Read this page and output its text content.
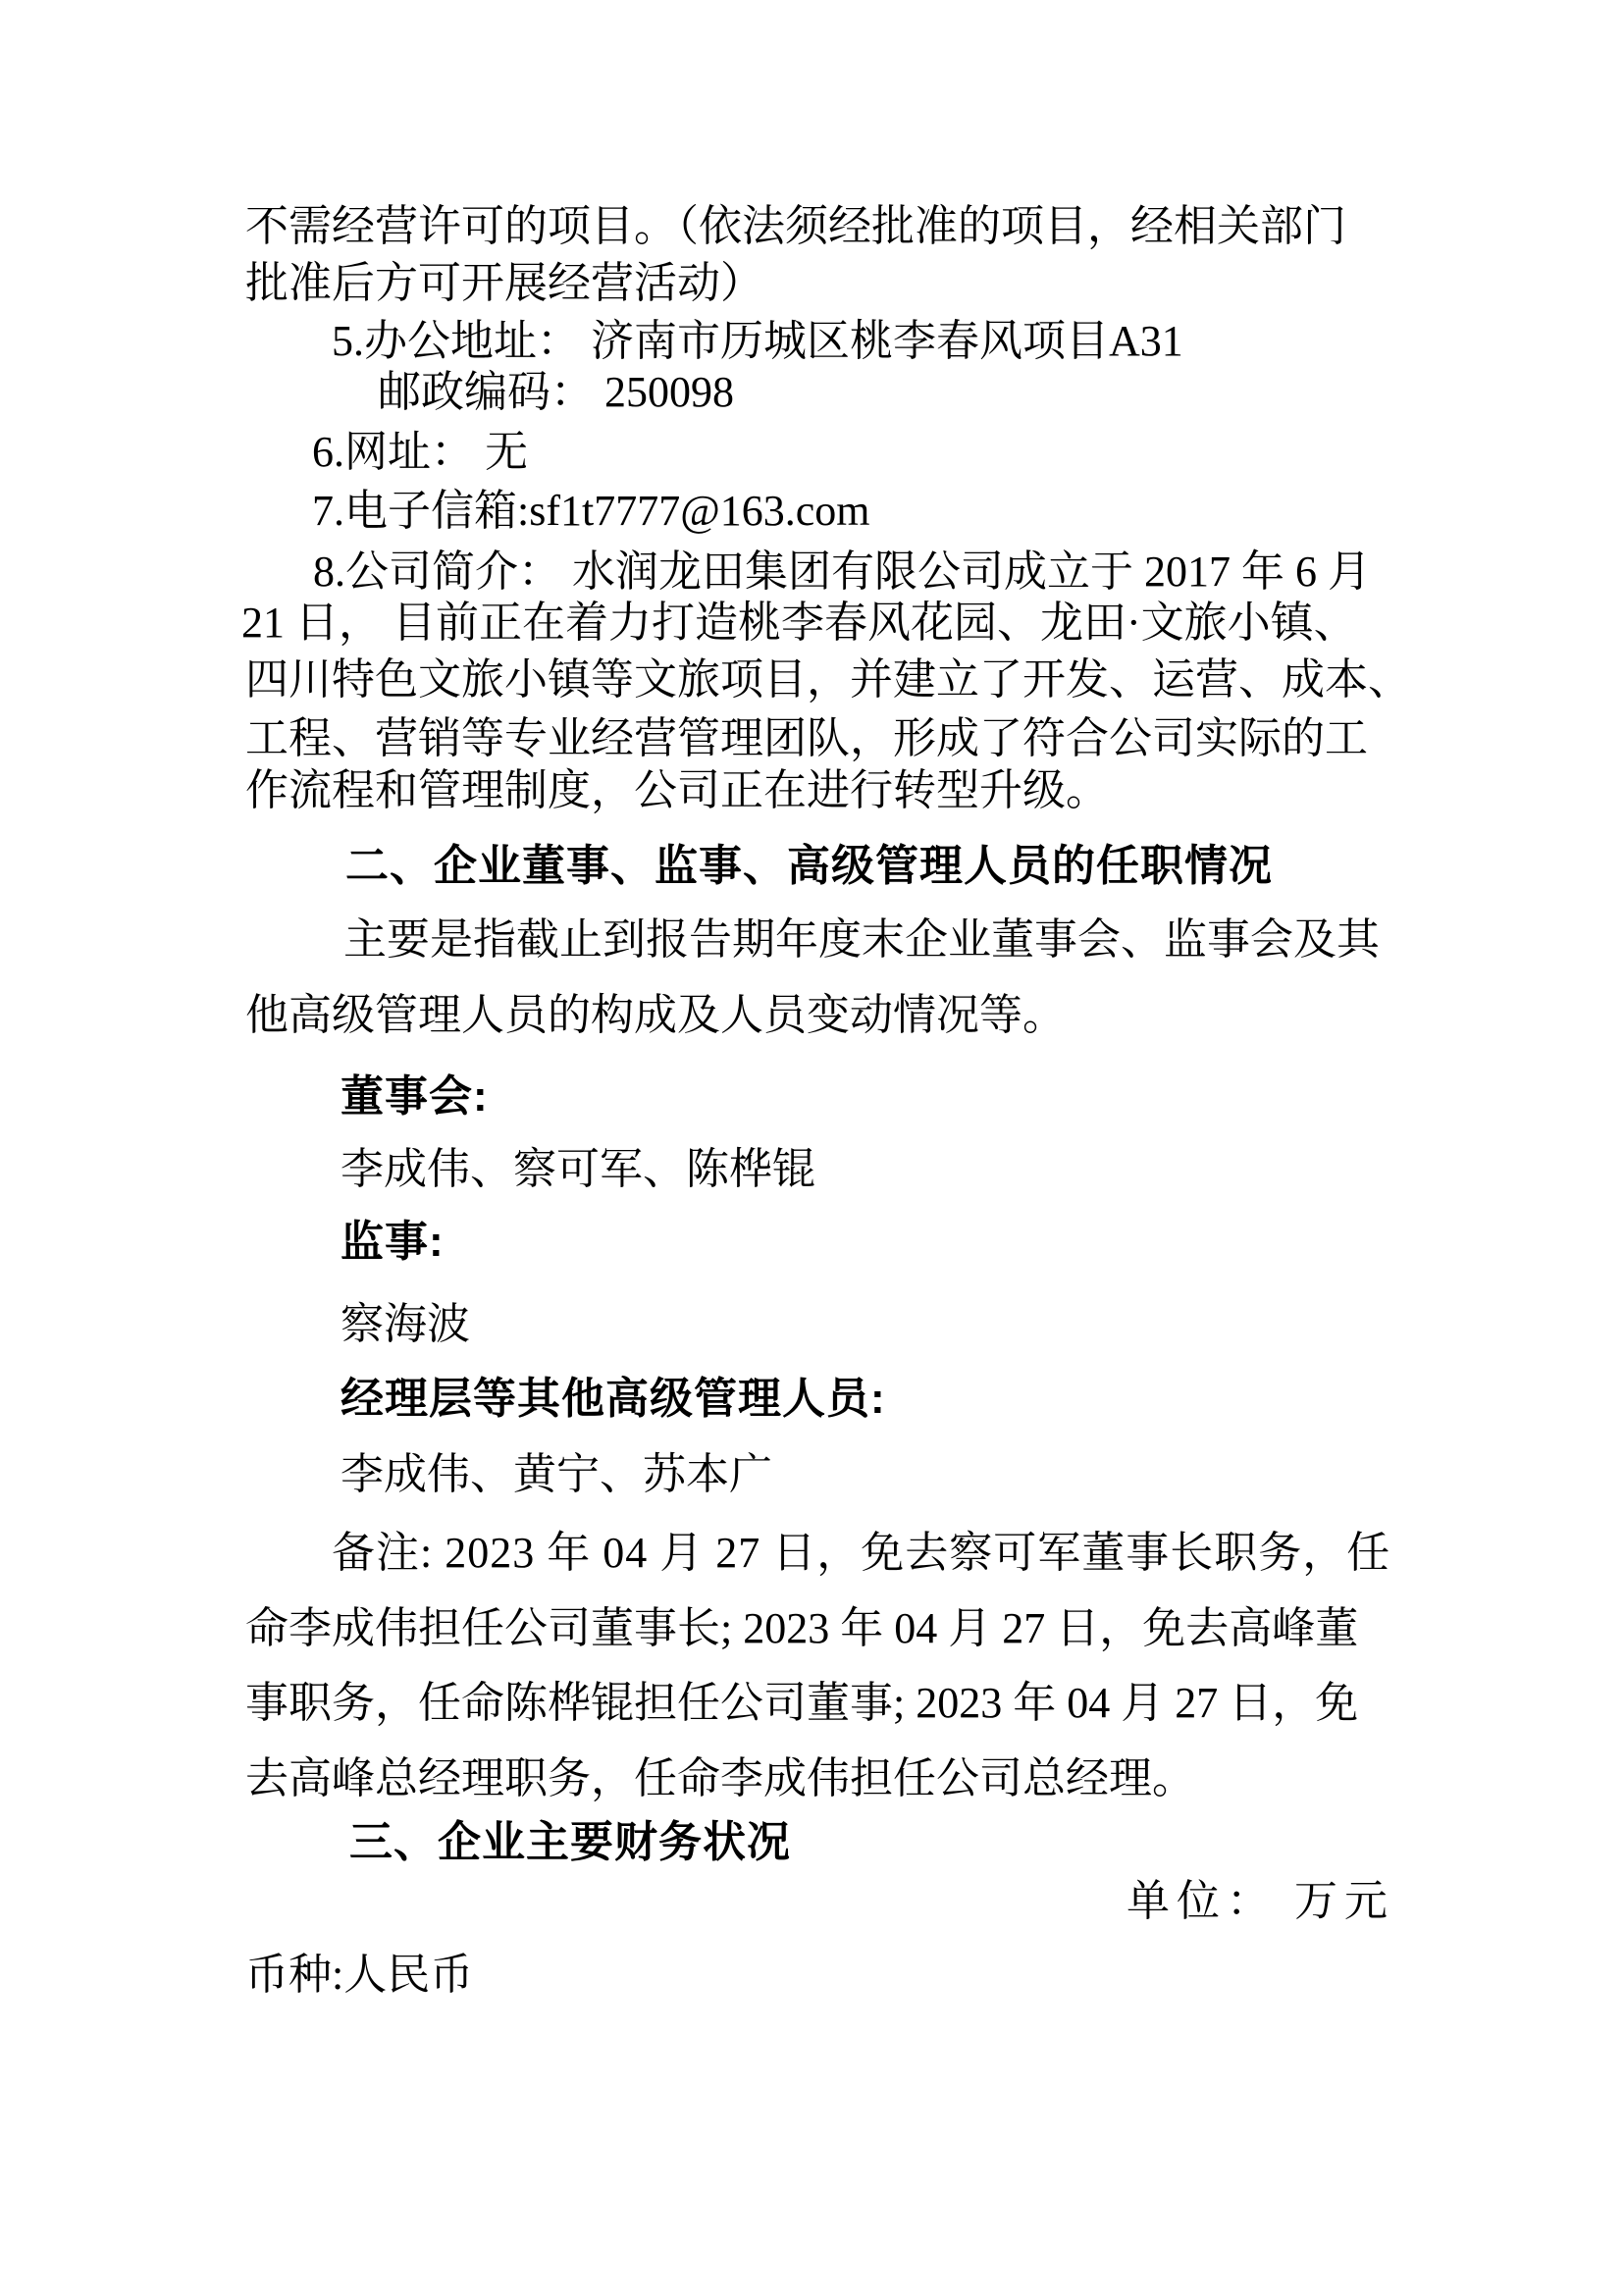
不需经营许可的项目。（依法须经批准的项目，经相关部门
批准后方可开展经营活动）
5.办公地址： 济南市历城区桃李春风项目A31
邮政编码： 250098
6.网址： 无
7.电子信箱:sf1t7777@163.com
8.公司简介： 水润龙田集团有限公司成立于 2017 年 6 月
21 日， 目前正在着力打造桃李春风花园、龙田·文旅小镇、
四川特色文旅小镇等文旅项目，并建立了开发、运营、成本、
工程、营销等专业经营管理团队，形成了符合公司实际的工
作流程和管理制度，公司正在进行转型升级。
二、企业董事、监事、高级管理人员的任职情况
主要是指截止到报告期年度末企业董事会、监事会及其
他高级管理人员的构成及人员变动情况等。
董事会:
李成伟、察可军、陈桦锟
监事:
察海波
经理层等其他高级管理人员:
李成伟、黄宁、苏本广
备注: 2023 年 04 月 27 日，免去察可军董事长职务，任
命李成伟担任公司董事长; 2023 年 04 月 27 日，免去高峰董
事职务，任命陈桦锟担任公司董事; 2023 年 04 月 27 日，免
去高峰总经理职务，任命李成伟担任公司总经理。
三、企业主要财务状况
单位： 万元
币种:人民币
